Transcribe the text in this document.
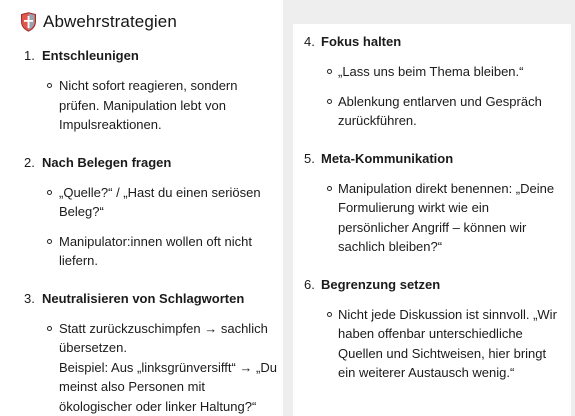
Abwehrstrategien
1. Entschleunigen
Nicht sofort reagieren, sondern prüfen. Manipulation lebt von Impulsreaktionen.
2. Nach Belegen fragen
„Quelle?“ / „Hast du einen seriösen Beleg?“
Manipulator:innen wollen oft nicht liefern.
3. Neutralisieren von Schlagworten
Statt zurückzuschimpfen → sachlich übersetzen.
Beispiel: Aus „linksgrünversifft“ → „Du meinst also Personen mit ökologischer oder linker Haltung?“
4. Fokus halten
„Lass uns beim Thema bleiben.“
Ablenkung entlarven und Gespräch zurückführen.
5. Meta-Kommunikation
Manipulation direkt benennen: „Deine Formulierung wirkt wie ein persönlicher Angriff – können wir sachlich bleiben?“
6. Begrenzung setzen
Nicht jede Diskussion ist sinnvoll. „Wir haben offenbar unterschiedliche Quellen und Sichtweisen, hier bringt ein weiterer Austausch wenig.“
